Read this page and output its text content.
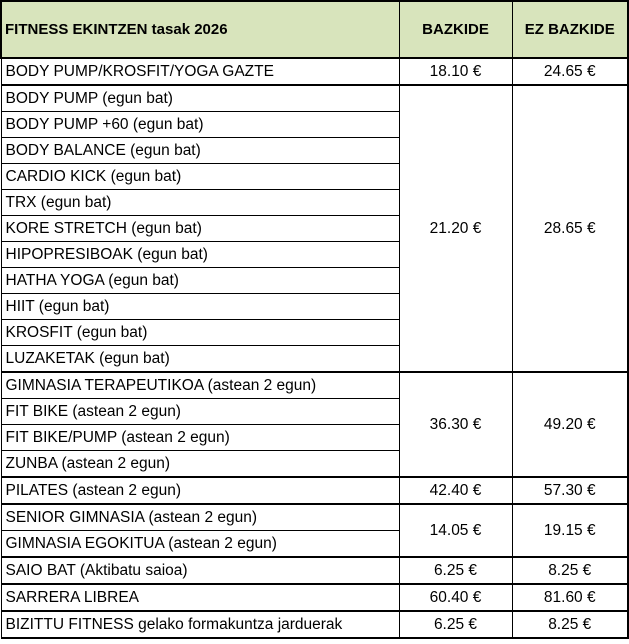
FITNESS EKINTZEN tasak 2026	BAZKIDE	EZ BAZKIDE
BODY PUMP/KROSFIT/YOGA GAZTE	18.10 €	24.65 €
BODY PUMP (egun bat)	21.20 €	28.65 €
BODY PUMP +60 (egun bat)		
BODY BALANCE (egun bat)		
CARDIO KICK (egun bat)		
TRX (egun bat)		
KORE STRETCH (egun bat)		
HIPOPRESIBOAK (egun bat)		
HATHA YOGA (egun bat)		
HIIT (egun bat)		
KROSFIT (egun bat)		
LUZAKETAK (egun bat)		
GIMNASIA TERAPEUTIKOA (astean 2 egun)	36.30 €	49.20 €
FIT BIKE (astean 2 egun)		
FIT BIKE/PUMP (astean 2 egun)		
ZUNBA (astean 2 egun)		
PILATES (astean 2 egun)	42.40 €	57.30 €
SENIOR GIMNASIA (astean 2 egun)	14.05 €	19.15 €
GIMNASIA EGOKITUA (astean 2 egun)		
SAIO BAT (Aktibatu saioa)	6.25 €	8.25 €
SARRERA LIBREA	60.40 €	81.60 €
BIZITTU FITNESS gelako formakuntza jarduerak	6.25 €	8.25 €
